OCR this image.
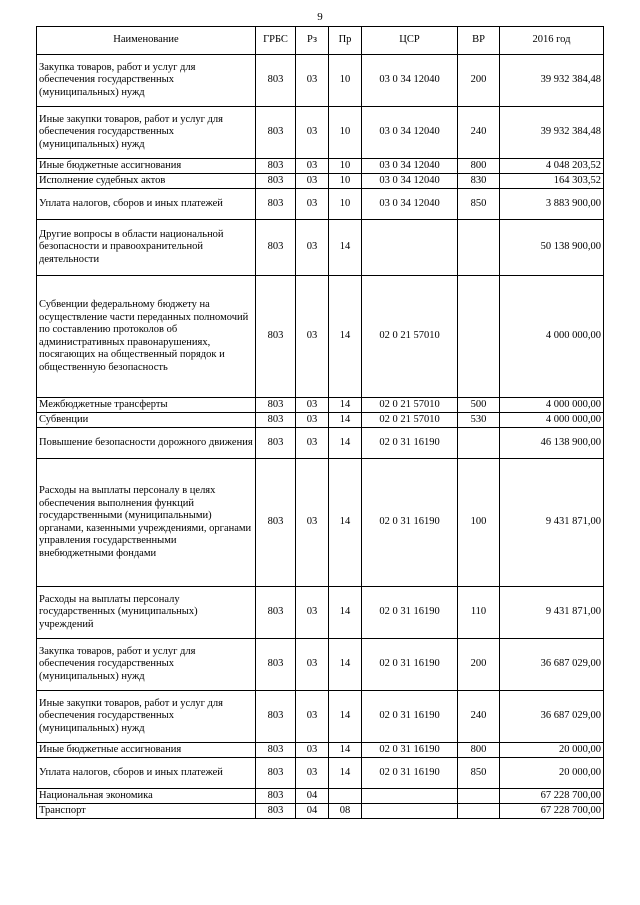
9
Наименование	ГРБС	Рз	Пр	ЦСР	ВР	2016 год
Закупка товаров, работ и услуг для обеспечения государственных (муниципальных) нужд	803	03	10	03 0 34 12040	200	39 932 384,48
Иные закупки товаров, работ и услуг для обеспечения государственных (муниципальных) нужд	803	03	10	03 0 34 12040	240	39 932 384,48
Иные бюджетные ассигнования	803	03	10	03 0 34 12040	800	4 048 203,52
Исполнение судебных актов	803	03	10	03 0 34 12040	830	164 303,52
Уплата налогов, сборов и иных платежей	803	03	10	03 0 34 12040	850	3 883 900,00
Другие вопросы в области национальной безопасности и правоохранительной деятельности	803	03	14			50 138 900,00
Субвенции федеральному бюджету на осуществление части переданных полномочий по составлению протоколов об административных правонарушениях, посягающих на общественный порядок и общественную безопасность	803	03	14	02 0 21 57010		4 000 000,00
Межбюджетные трансферты	803	03	14	02 0 21 57010	500	4 000 000,00
Субвенции	803	03	14	02 0 21 57010	530	4 000 000,00
Повышение безопасности дорожного движения	803	03	14	02 0 31 16190		46 138 900,00
Расходы на выплаты персоналу в целях обеспечения выполнения функций государственными (муниципальными) органами, казенными учреждениями, органами управления государственными внебюджетными фондами	803	03	14	02 0 31 16190	100	9 431 871,00
Расходы на выплаты персоналу государственных (муниципальных) учреждений	803	03	14	02 0 31 16190	110	9 431 871,00
Закупка товаров, работ и услуг для обеспечения государственных (муниципальных) нужд	803	03	14	02 0 31 16190	200	36 687 029,00
Иные закупки товаров, работ и услуг для обеспечения государственных (муниципальных) нужд	803	03	14	02 0 31 16190	240	36 687 029,00
Иные бюджетные ассигнования	803	03	14	02 0 31 16190	800	20 000,00
Уплата налогов, сборов и иных платежей	803	03	14	02 0 31 16190	850	20 000,00
Национальная экономика	803	04				67 228 700,00
Транспорт	803	04	08			67 228 700,00
